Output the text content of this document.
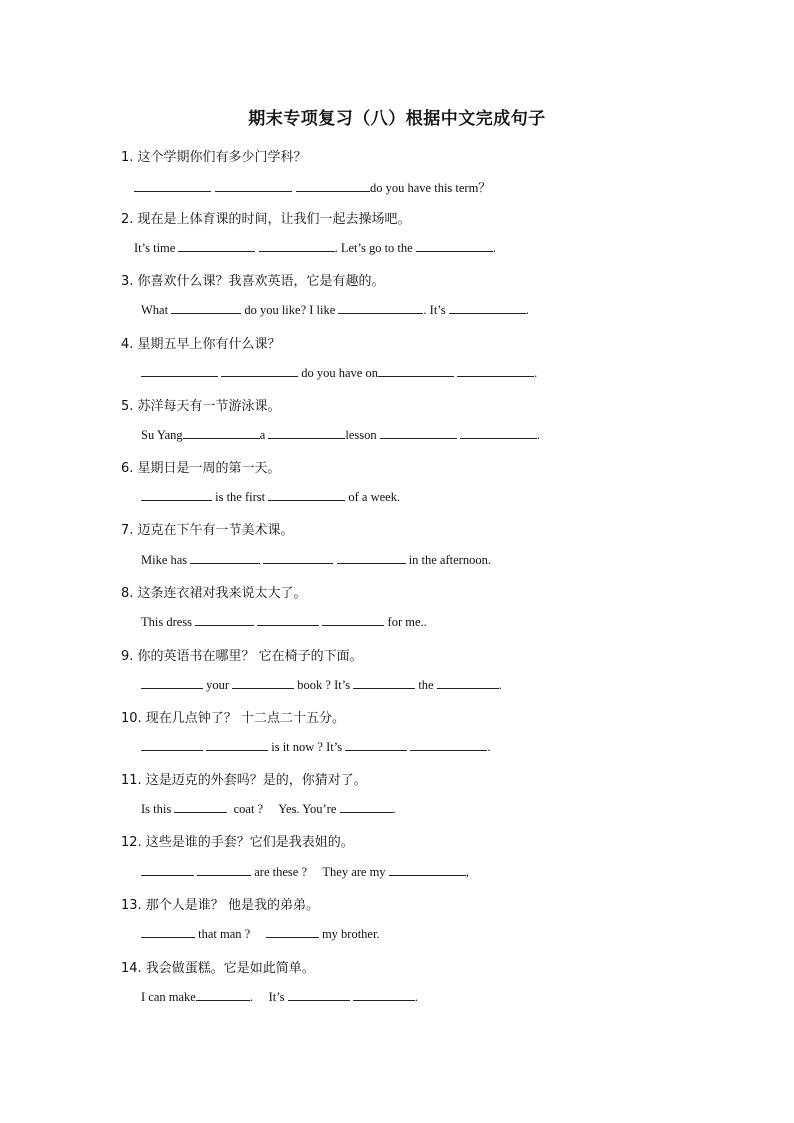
期末专项复习（八）根据中文完成句子
1. 这个学期你们有多少门学科？
do you have this term？
2. 现在是上体育课的时间，让我们一起去操场吧。
It’s time	. Let’s go to the	.
3. 你喜欢什么课？我喜欢英语，它是有趣的。
What	do you like? I like	. It’s	.
4. 星期五早上你有什么课？
do you have on	.
5. 苏洋每天有一节游泳课。
Su Yang	a	lesson	.
6. 星期日是一周的第一天。
is the first	of a week.
7. 迈克在下午有一节美术课。
Mike has	in the afternoon.
8. 这条连衣裙对我来说太大了。
This dress	for me..
9. 你的英语书在哪里？ 它在椅子的下面。
your	book ? It’s	the	.
10. 现在几点钟了？ 十二点二十五分。
is it now ? It’s	.
11. 这是迈克的外套吗？是的，你猜对了。
Is this	coat ?     Yes. You’re	.
12. 这些是谁的手套？它们是我表姐的。
are these ?     They are my	,
13. 那个人是谁？ 他是我的弟弟。
that man ?	my brother.
14. 我会做蛋糕。它是如此简单。
I can make	.     It’s	.
